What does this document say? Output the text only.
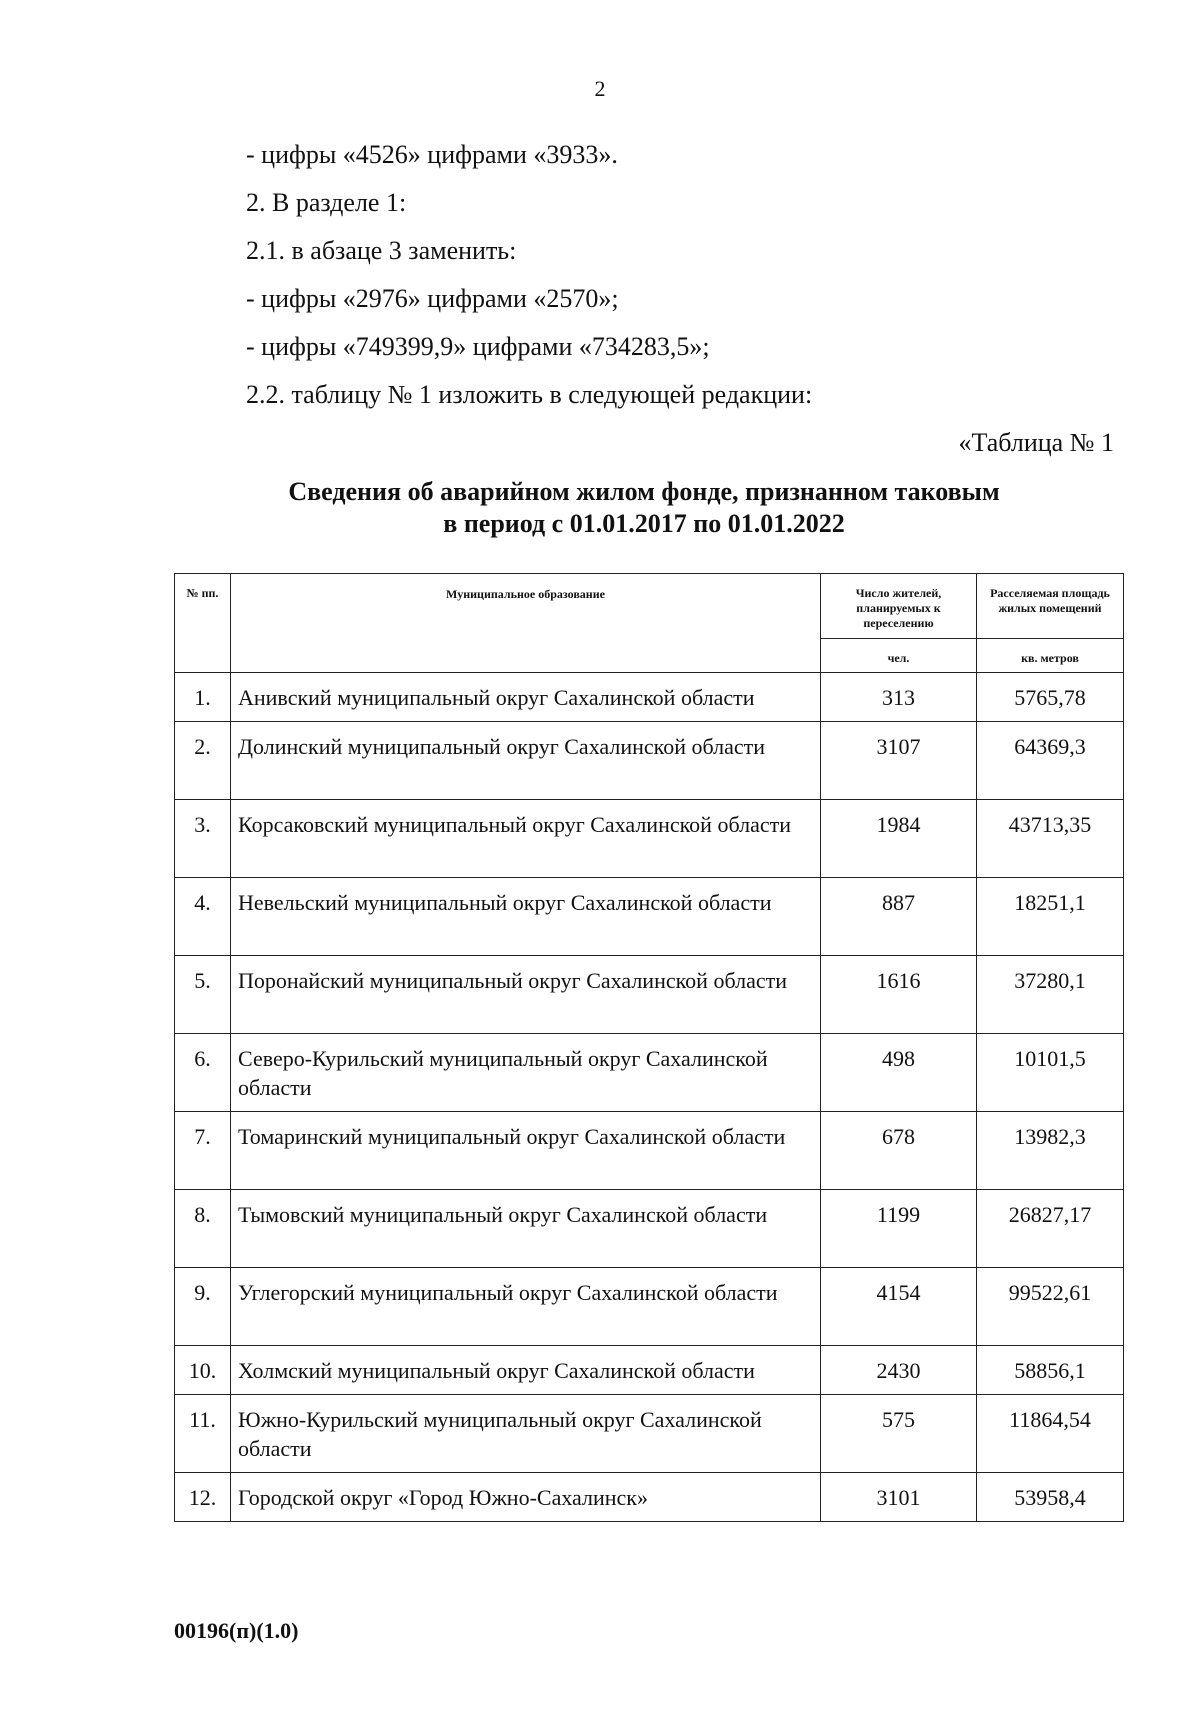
2
- цифры «4526» цифрами «3933».
2. В разделе 1:
2.1. в абзаце 3 заменить:
- цифры «2976» цифрами «2570»;
- цифры «749399,9» цифрами «734283,5»;
2.2. таблицу № 1 изложить в следующей редакции:
«Таблица № 1
Сведения об аварийном жилом фонде, признанном таковым
в период с 01.01.2017 по 01.01.2022
№ пп.	Муниципальное образование	Число жителей, планируемых к переселению	Расселяемая площадь жилых помещений
		чел.	кв. метров
1.	Анивский муниципальный округ Сахалинской области	313	5765,78
2.	Долинский муниципальный округ Сахалинской области	3107	64369,3
3.	Корсаковский муниципальный округ Сахалинской области	1984	43713,35
4.	Невельский муниципальный округ Сахалинской области	887	18251,1
5.	Поронайский муниципальный округ Сахалинской области	1616	37280,1
6.	Северо-Курильский муниципальный округ Сахалинской области	498	10101,5
7.	Томаринский муниципальный округ Сахалинской области	678	13982,3
8.	Тымовский муниципальный округ Сахалинской области	1199	26827,17
9.	Углегорский муниципальный округ Сахалинской области	4154	99522,61
10.	Холмский муниципальный округ Сахалинской области	2430	58856,1
11.	Южно-Курильский муниципальный округ Сахалинской области	575	11864,54
12.	Городской округ «Город Южно-Сахалинск»	3101	53958,4
00196(п)(1.0)
